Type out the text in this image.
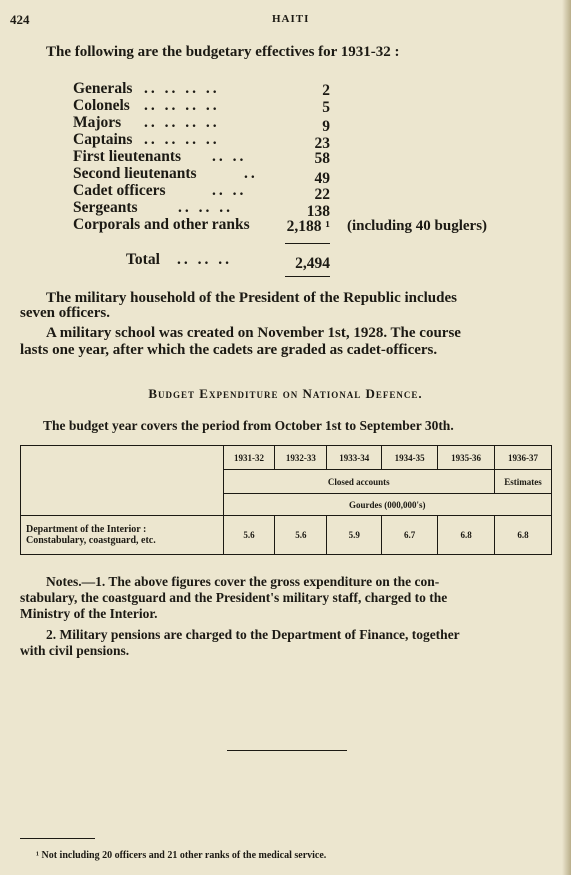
424	HAITI
The following are the budgetary effectives for 1931-32 :
Generals .. .. .. ..	2
Colonels .. .. .. ..	5
Majors .. .. .. ..	9
Captains .. .. .. ..	23
First lieutenants .. ..	58
Second lieutenants	..	49
Cadet officers	.. ..	22
Sergeants	.. .. ..	138
Corporals and other ranks	2,188 ¹ (including 40 buglers)
Total .. .. ..	2,494
The military household of the President of the Republic includes
seven officers.
A military school was created on November 1st, 1928. The course
lasts one year, after which the cadets are graded as cadet-officers.
Budget Expenditure on National Defence.
The budget year covers the period from October 1st to September 30th.
	1931-32	1932-33	1933-34	1934-35	1935-36	1936-37
	Closed accounts					Estimates
	Gourdes (000,000's)					
Department of the Interior :
Constabulary, coastguard, etc.	5.6	5.6	5.9	6.7	6.8	6.8
Notes.—1. The above figures cover the gross expenditure on the con-
stabulary, the coastguard and the President's military staff, charged to the
Ministry of the Interior.
2. Military pensions are charged to the Department of Finance, together
with civil pensions.
¹ Not including 20 officers and 21 other ranks of the medical service.
